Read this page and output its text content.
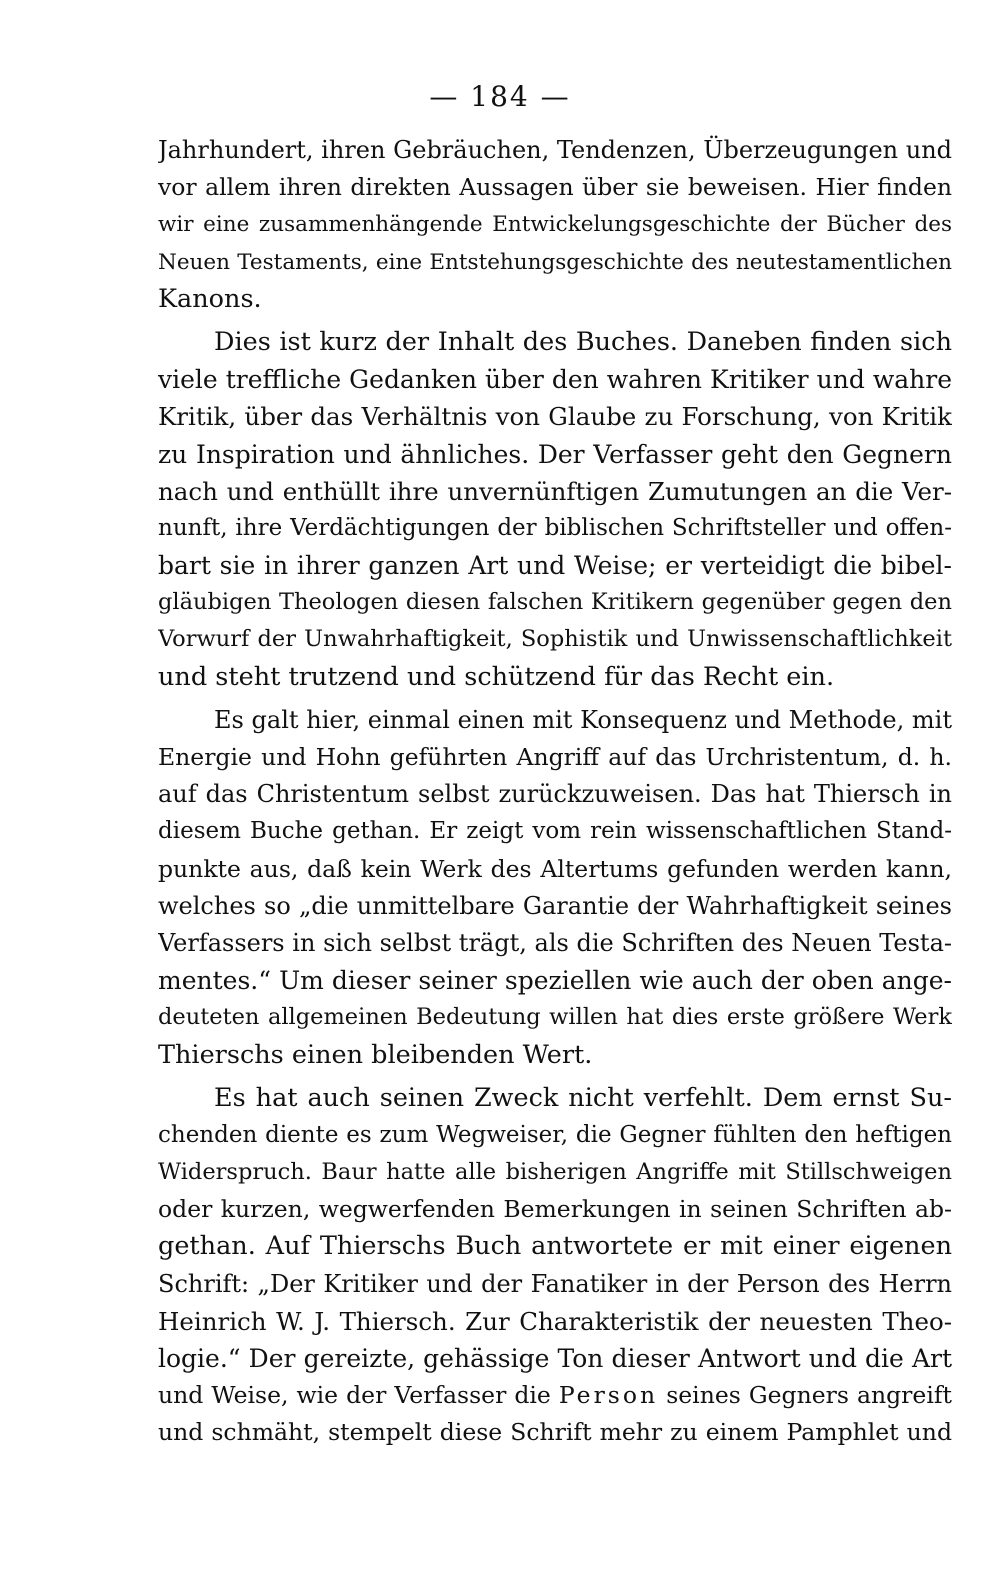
— 184 —
Jahrhundert, ihren Gebräuchen, Tendenzen, Überzeugungen und
vor allem ihren direkten Aussagen über sie beweisen. Hier finden
wir eine zusammenhängende Entwickelungsgeschichte der Bücher des
Neuen Testaments, eine Entstehungsgeschichte des neutestamentlichen
Kanons.
Dies ist kurz der Inhalt des Buches. Daneben finden sich
viele treffliche Gedanken über den wahren Kritiker und wahre
Kritik, über das Verhältnis von Glaube zu Forschung, von Kritik
zu Inspiration und ähnliches. Der Verfasser geht den Gegnern
nach und enthüllt ihre unvernünftigen Zumutungen an die Ver-
nunft, ihre Verdächtigungen der biblischen Schriftsteller und offen-
bart sie in ihrer ganzen Art und Weise; er verteidigt die bibel-
gläubigen Theologen diesen falschen Kritikern gegenüber gegen den
Vorwurf der Unwahrhaftigkeit, Sophistik und Unwissenschaftlichkeit
und steht trutzend und schützend für das Recht ein.
Es galt hier, einmal einen mit Konsequenz und Methode, mit
Energie und Hohn geführten Angriff auf das Urchristentum, d. h.
auf das Christentum selbst zurückzuweisen. Das hat Thiersch in
diesem Buche gethan. Er zeigt vom rein wissenschaftlichen Stand-
punkte aus, daß kein Werk des Altertums gefunden werden kann,
welches so „die unmittelbare Garantie der Wahrhaftigkeit seines
Verfassers in sich selbst trägt, als die Schriften des Neuen Testa-
mentes.“ Um dieser seiner speziellen wie auch der oben ange-
deuteten allgemeinen Bedeutung willen hat dies erste größere Werk
Thierschs einen bleibenden Wert.
Es hat auch seinen Zweck nicht verfehlt. Dem ernst Su-
chenden diente es zum Wegweiser, die Gegner fühlten den heftigen
Widerspruch. Baur hatte alle bisherigen Angriffe mit Stillschweigen
oder kurzen, wegwerfenden Bemerkungen in seinen Schriften ab-
gethan. Auf Thierschs Buch antwortete er mit einer eigenen
Schrift: „Der Kritiker und der Fanatiker in der Person des Herrn
Heinrich W. J. Thiersch. Zur Charakteristik der neuesten Theo-
logie.“ Der gereizte, gehässige Ton dieser Antwort und die Art
und Weise, wie der Verfasser die Person seines Gegners angreift
und schmäht, stempelt diese Schrift mehr zu einem Pamphlet und
